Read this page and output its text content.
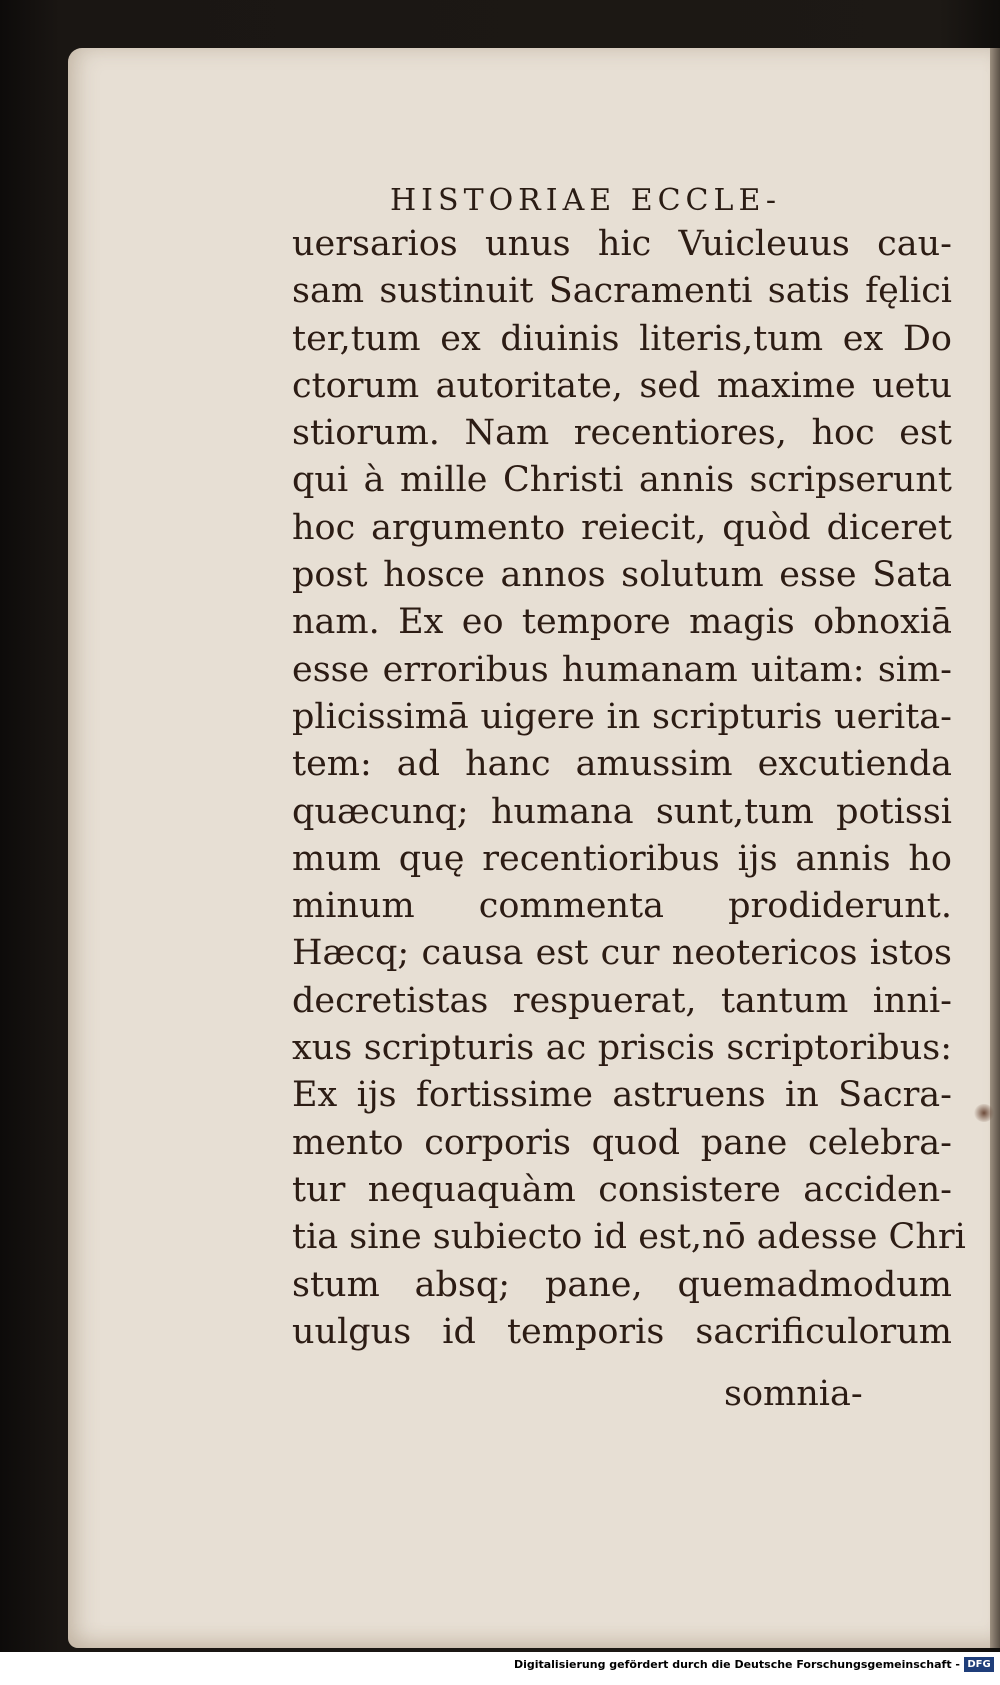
HISTORIAE ECCLE-
uersarios unus hic Vuicleuus cau-
sam sustinuit Sacramenti satis fęlici
ter,tum ex diuinis literis,tum ex Do
ctorum autoritate, sed maxime uetu
stiorum. Nam recentiores, hoc est
qui à mille Christi annis scripserunt
hoc argumento reiecit, quòd diceret
post hosce annos solutum esse Sata
nam. Ex eo tempore magis obnoxiā
esse erroribus humanam uitam: sim-
plicissimā uigere in scripturis uerita-
tem: ad hanc amussim excutienda
quæcunq; humana sunt,tum potissi
mum quę recentioribus ijs annis ho
minum commenta prodiderunt.
Hæcq; causa est cur neotericos istos
decretistas respuerat, tantum inni-
xus scripturis ac priscis scriptoribus:
Ex ijs fortissime astruens in Sacra-
mento corporis quod pane celebra-
tur nequaquàm consistere acciden-
tia sine subiecto id est,nō adesse Chri
stum absq; pane, quemadmodum
uulgus id temporis sacrificulorum
somnia-
Digitalisierung gefördert durch die Deutsche Forschungsgemeinschaft - DFG
